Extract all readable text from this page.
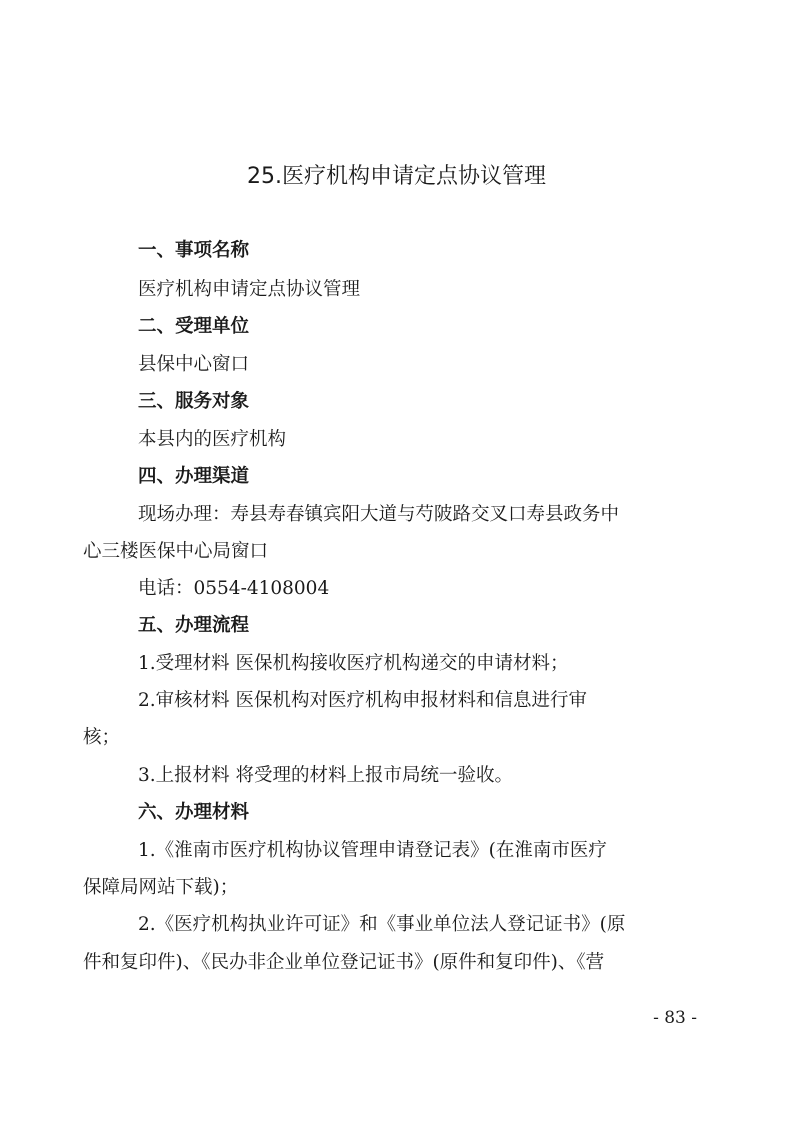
25.医疗机构申请定点协议管理
一、事项名称
医疗机构申请定点协议管理
二、受理单位
县保中心窗口
三、服务对象
本县内的医疗机构
四、办理渠道
现场办理：寿县寿春镇宾阳大道与芍陂路交叉口寿县政务中
心三楼医保中心局窗口
电话：0554-4108004
五、办理流程
1.受理材料 医保机构接收医疗机构递交的申请材料；
2.审核材料 医保机构对医疗机构申报材料和信息进行审
核；
3.上报材料 将受理的材料上报市局统一验收。
六、办理材料
1.《淮南市医疗机构协议管理申请登记表》(在淮南市医疗
保障局网站下载)；
2.《医疗机构执业许可证》和《事业单位法人登记证书》(原
件和复印件)、《民办非企业单位登记证书》(原件和复印件)、《营
- 83 -
